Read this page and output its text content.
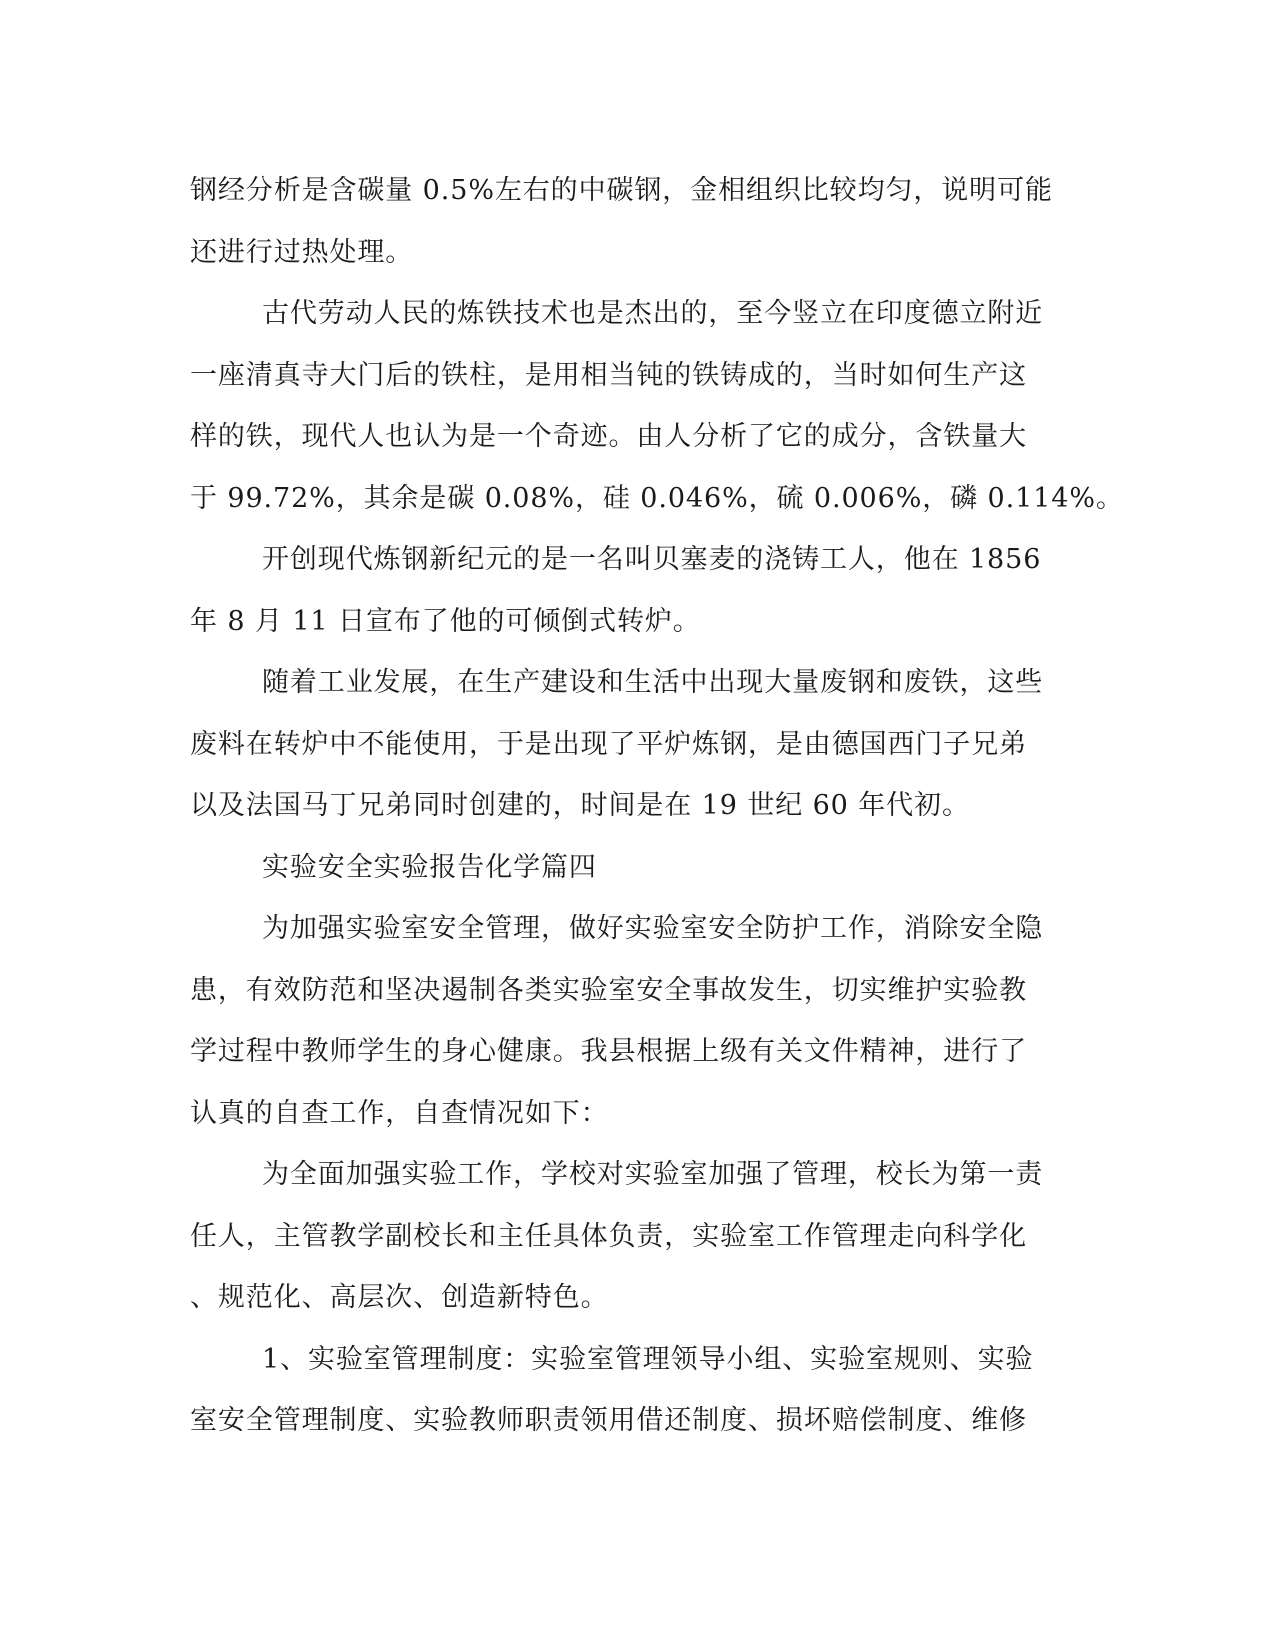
钢经分析是含碳量 0.5%左右的中碳钢，金相组织比较均匀，说明可能
还进行过热处理。
古代劳动人民的炼铁技术也是杰出的，至今竖立在印度德立附近
一座清真寺大门后的铁柱，是用相当钝的铁铸成的，当时如何生产这
样的铁，现代人也认为是一个奇迹。由人分析了它的成分，含铁量大
于 99.72%，其余是碳 0.08%，硅 0.046%，硫 0.006%，磷 0.114%。
开创现代炼钢新纪元的是一名叫贝塞麦的浇铸工人，他在 1856
年 8 月 11 日宣布了他的可倾倒式转炉。
随着工业发展，在生产建设和生活中出现大量废钢和废铁，这些
废料在转炉中不能使用，于是出现了平炉炼钢，是由德国西门子兄弟
以及法国马丁兄弟同时创建的，时间是在 19 世纪 60 年代初。
实验安全实验报告化学篇四
为加强实验室安全管理，做好实验室安全防护工作，消除安全隐
患，有效防范和坚决遏制各类实验室安全事故发生，切实维护实验教
学过程中教师学生的身心健康。我县根据上级有关文件精神，进行了
认真的自查工作，自查情况如下：
为全面加强实验工作，学校对实验室加强了管理，校长为第一责
任人，主管教学副校长和主任具体负责，实验室工作管理走向科学化
、规范化、高层次、创造新特色。
1、实验室管理制度：实验室管理领导小组、实验室规则、实验
室安全管理制度、实验教师职责领用借还制度、损坏赔偿制度、维修
